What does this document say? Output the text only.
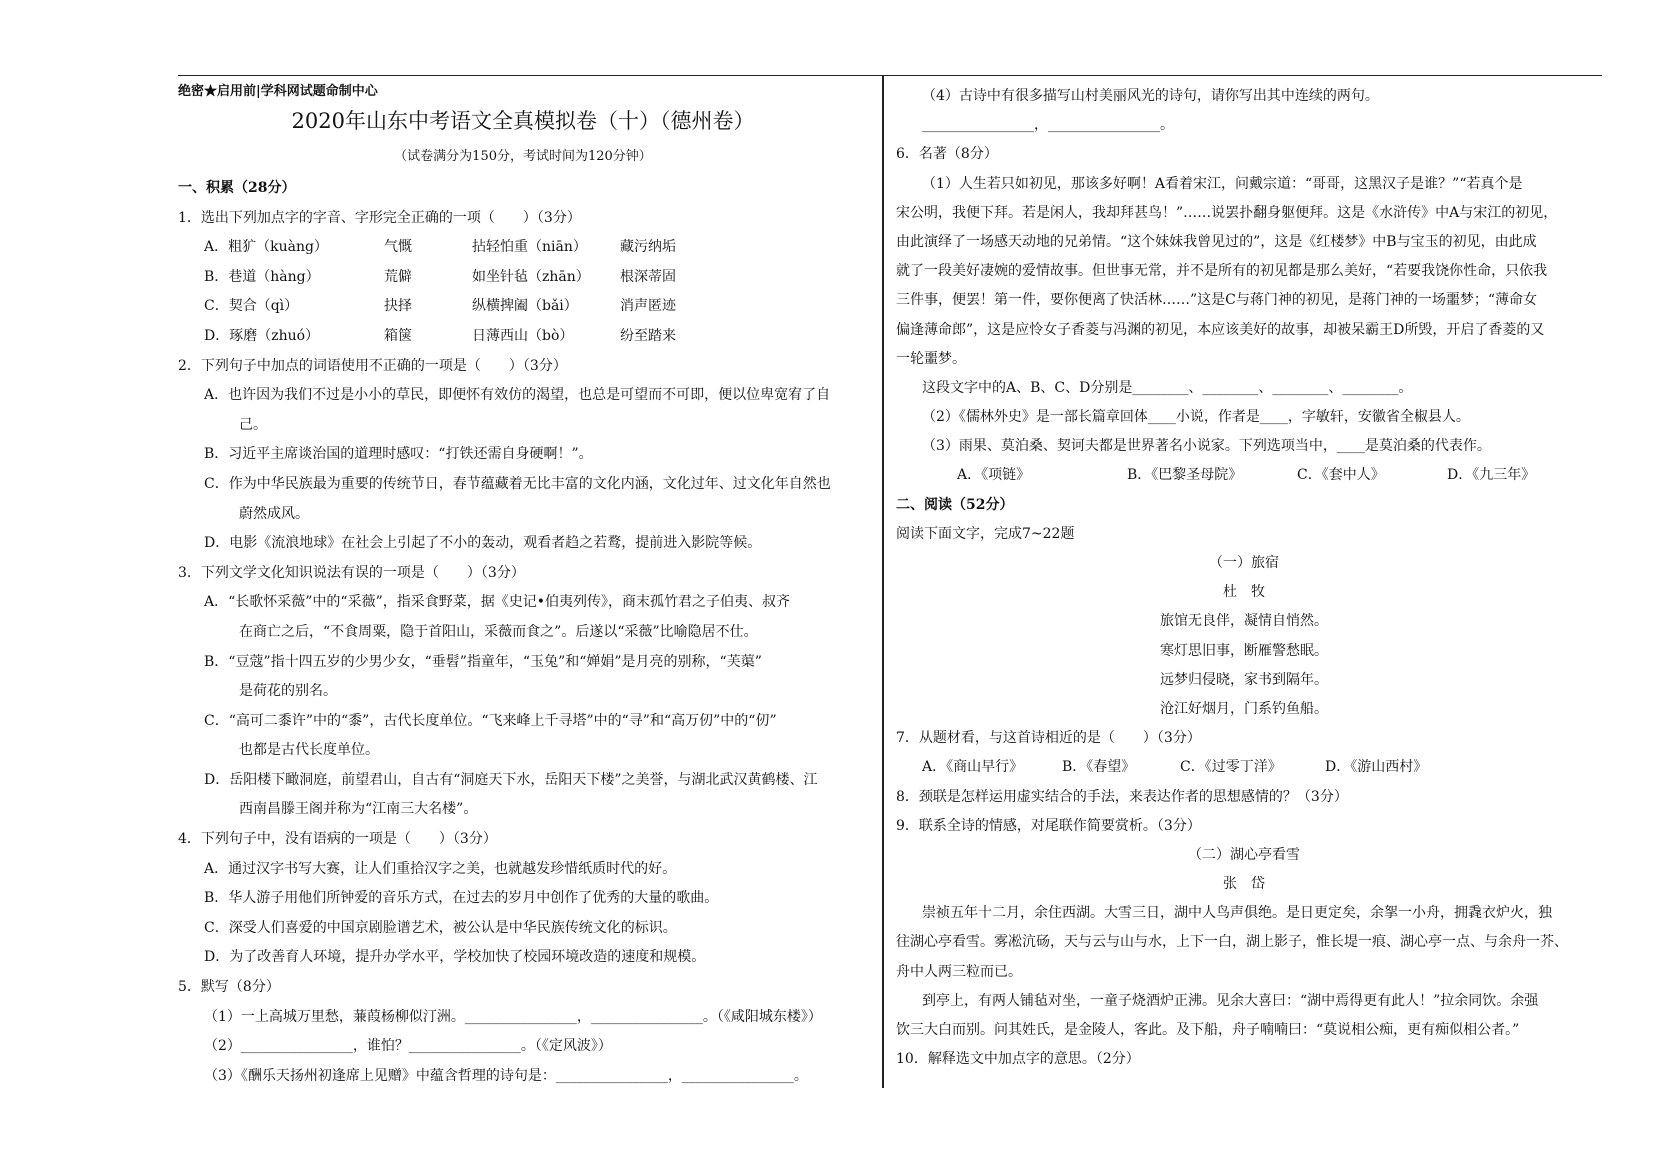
绝密★启用前|学科网试题命制中心
2020年山东中考语文全真模拟卷（十）（德州卷）
（试卷满分为150分，考试时间为120分钟）
一、积累（28分）
1．选出下列加点字的字音、字形完全正确的一项（　　）（3分）
A．粗犷（kuàng）	气慨	拈轻怕重（niān） 藏污纳垢
B．巷道（hàng）	荒僻	如坐针毡（zhān） 根深蒂固
C．契合（qì）	抉择	纵横捭阖（bǎi）	消声匿迹
D．琢磨（zhuó）	箱箧	日薄西山（bò）	纷至踏来
2．下列句子中加点的词语使用不正确的一项是（　　）（3分）
A．也许因为我们不过是小小的草民，即便怀有效仿的渴望，也总是可望而不可即，便以位卑宽宥了自
己。
B．习近平主席谈治国的道理时感叹：“打铁还需自身硬啊！”。
C．作为中华民族最为重要的传统节日，春节蕴藏着无比丰富的文化内涵，文化过年、过文化年自然也
蔚然成风。
D．电影《流浪地球》在社会上引起了不小的轰动，观看者趋之若鹜，提前进入影院等候。
3．下列文学文化知识说法有误的一项是（　　）（3分）
A．“长歌怀采薇”中的“采薇”，指采食野菜，据《史记•伯夷列传》，商末孤竹君之子伯夷、叔齐
在商亡之后，“不食周粟，隐于首阳山，采薇而食之”。后遂以“采薇”比喻隐居不仕。
B．“豆蔻”指十四五岁的少男少女，“垂髫”指童年，“玉兔”和“婵娟”是月亮的别称，“芙蕖”
是荷花的别名。
C．“高可二黍许”中的“黍”，古代长度单位。“飞来峰上千寻塔”中的“寻”和“高万仞”中的“仞”
也都是古代长度单位。
D．岳阳楼下瞰洞庭，前望君山，自古有“洞庭天下水，岳阳天下楼”之美誉，与湖北武汉黄鹤楼、江
西南昌滕王阁并称为“江南三大名楼”。
4．下列句子中，没有语病的一项是（　　）（3分）
A．通过汉字书写大赛，让人们重拾汉字之美，也就越发珍惜纸质时代的好。
B．华人游子用他们所钟爱的音乐方式，在过去的岁月中创作了优秀的大量的歌曲。
C．深受人们喜爱的中国京剧脸谱艺术，被公认是中华民族传统文化的标识。
D．为了改善育人环境，提升办学水平，学校加快了校园环境改造的速度和规模。
5．默写（8分）
（1）一上高城万里愁，蒹葭杨柳似汀洲。________________，________________。（《咸阳城东楼》）
（2）________________，谁怕？________________。（《定风波》）
（3）《酬乐天扬州初逢席上见赠》中蕴含哲理的诗句是：________________，________________。
（4）古诗中有很多描写山村美丽风光的诗句，请你写出其中连续的两句。
________________，________________。
6．名著（8分）
（1）人生若只如初见，那该多好啊！A看着宋江，问戴宗道：“哥哥，这黑汉子是谁？”“若真个是
宋公明，我便下拜。若是闲人，我却拜甚鸟！”……说罢扑翻身躯便拜。这是《水浒传》中A与宋江的初见，
由此演绎了一场感天动地的兄弟情。“这个妹妹我曾见过的”，这是《红楼梦》中B与宝玉的初见，由此成
就了一段美好凄婉的爱情故事。但世事无常，并不是所有的初见都是那么美好，“若要我饶你性命，只依我
三件事，便罢！第一件，要你便离了快活林……”这是C与蒋门神的初见，是蒋门神的一场噩梦；“薄命女
偏逢薄命郎”，这是应怜女子香菱与冯渊的初见，本应该美好的故事，却被呆霸王D所毁，开启了香菱的又
一轮噩梦。
这段文字中的A、B、C、D分别是________、________、________、________。
（2）《儒林外史》是一部长篇章回体____小说，作者是____，字敏轩，安徽省全椒县人。
（3）雨果、莫泊桑、契诃夫都是世界著名小说家。下列选项当中，____是莫泊桑的代表作。
A．《项链》	B．《巴黎圣母院》	C．《套中人》	D．《九三年》
二、阅读（52分）
阅读下面文字，完成7~22题
（一）旅宿
杜　牧
旅馆无良伴，凝情自悄然。
寒灯思旧事，断雁警愁眠。
远梦归侵晓，家书到隔年。
沧江好烟月，门系钓鱼船。
7．从题材看，与这首诗相近的是（　　）（3分）
A．《商山早行》	B．《春望》	C．《过零丁洋》	D．《游山西村》
8．颈联是怎样运用虚实结合的手法，来表达作者的思想感情的？（3分）
9．联系全诗的情感，对尾联作简要赏析。（3分）
（二）湖心亭看雪
张　岱
崇祯五年十二月，余住西湖。大雪三日，湖中人鸟声俱绝。是日更定矣，余挐一小舟，拥毳衣炉火，独
往湖心亭看雪。雾凇沆砀，天与云与山与水，上下一白，湖上影子，惟长堤一痕、湖心亭一点、与余舟一芥、
舟中人两三粒而已。
到亭上，有两人铺毡对坐，一童子烧酒炉正沸。见余大喜曰：“湖中焉得更有此人！”拉余同饮。余强
饮三大白而别。问其姓氏，是金陵人，客此。及下船，舟子喃喃曰：“莫说相公痴，更有痴似相公者。”
10．解释选文中加点字的意思。（2分）
